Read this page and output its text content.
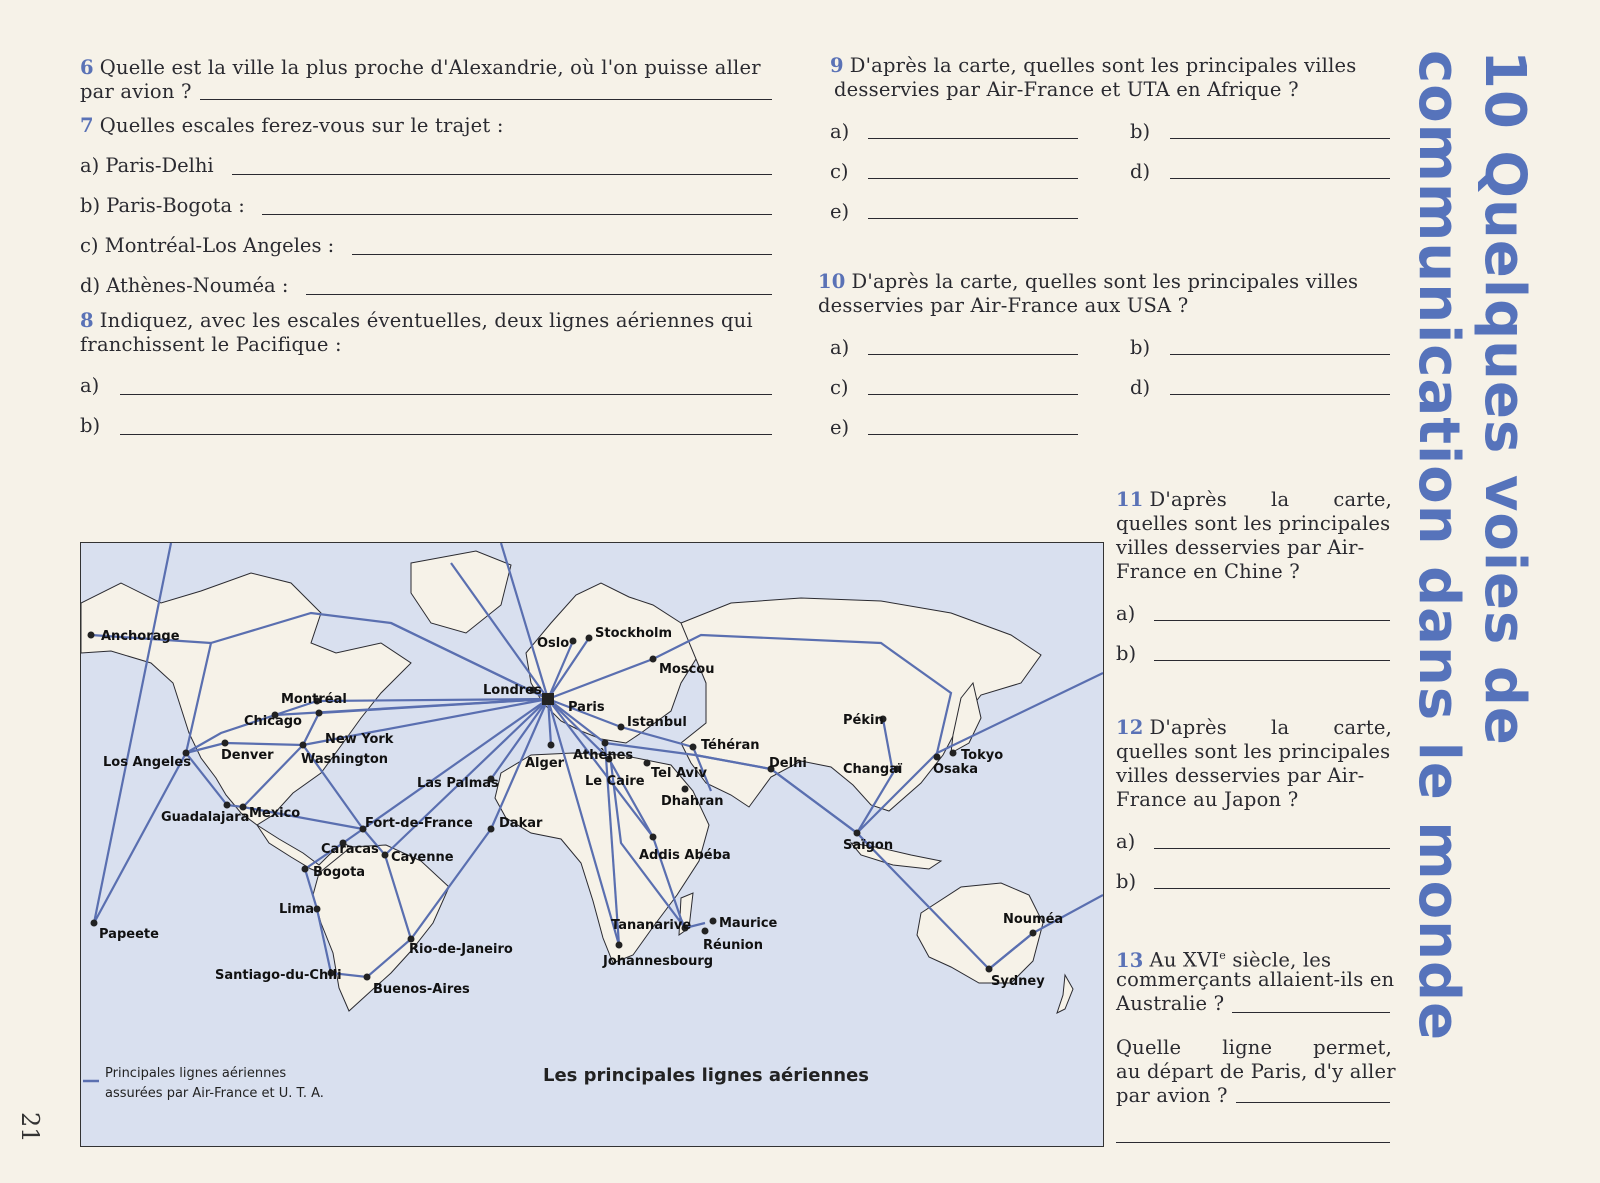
10 Quelques voies de
communication dans le monde
21
6 Quelle est la ville la plus proche d'Alexandrie, où l'on puisse aller
par avion ?
7 Quelles escales ferez-vous sur le trajet :
a) Paris-Delhi
b) Paris-Bogota :
c) Montréal-Los Angeles :
d) Athènes-Nouméa :
8 Indiquez, avec les escales éventuelles, deux lignes aériennes qui
franchissent le Pacifique :
a)
b)
9 D'après la carte, quelles sont les principales villes
desservies par Air-France et UTA en Afrique ?
a)	b)
c)	d)
e)
10 D'après la carte, quelles sont les principales villes
desservies par Air-France aux USA ?
a)	b)
c)	d)
e)
11 D'après la carte,
quelles sont les principales
villes desservies par Air-
France en Chine ?
a)
b)
12 D'après la carte,
quelles sont les principales
villes desservies par Air-
France au Japon ?
a)
b)
13 Au XVIe siècle, les
commerçants allaient-ils en
Australie ?
Quelle ligne permet,
au départ de Paris, d'y aller
par avion ?
Anchorage	Oslo
Stockholm
Moscou
Londres
Paris
Montréal
Chicago
New York
Washington
Denver
Los Angeles
Istanbul	Pékin
Téhéran
Athènes
Alger
Tel Aviv
Le Caire
Delhi	Changaï
Tokyo
Osaka
Las Palmas
Dhahran
Guadalajara Mexico
Fort-de-France Dakar
Caracas
Cayenne
Bogota
Addis Abéba
Saïgon
Lima
Papeete
Tananarive Maurice
Réunion
Nouméa
Rio-de-Janeiro
Johannesbourg
Santiago-du-Chili
Buenos-Aires
Sydney
Principales lignes aériennes
assurées par Air-France et U. T. A.
Les principales lignes aériennes
